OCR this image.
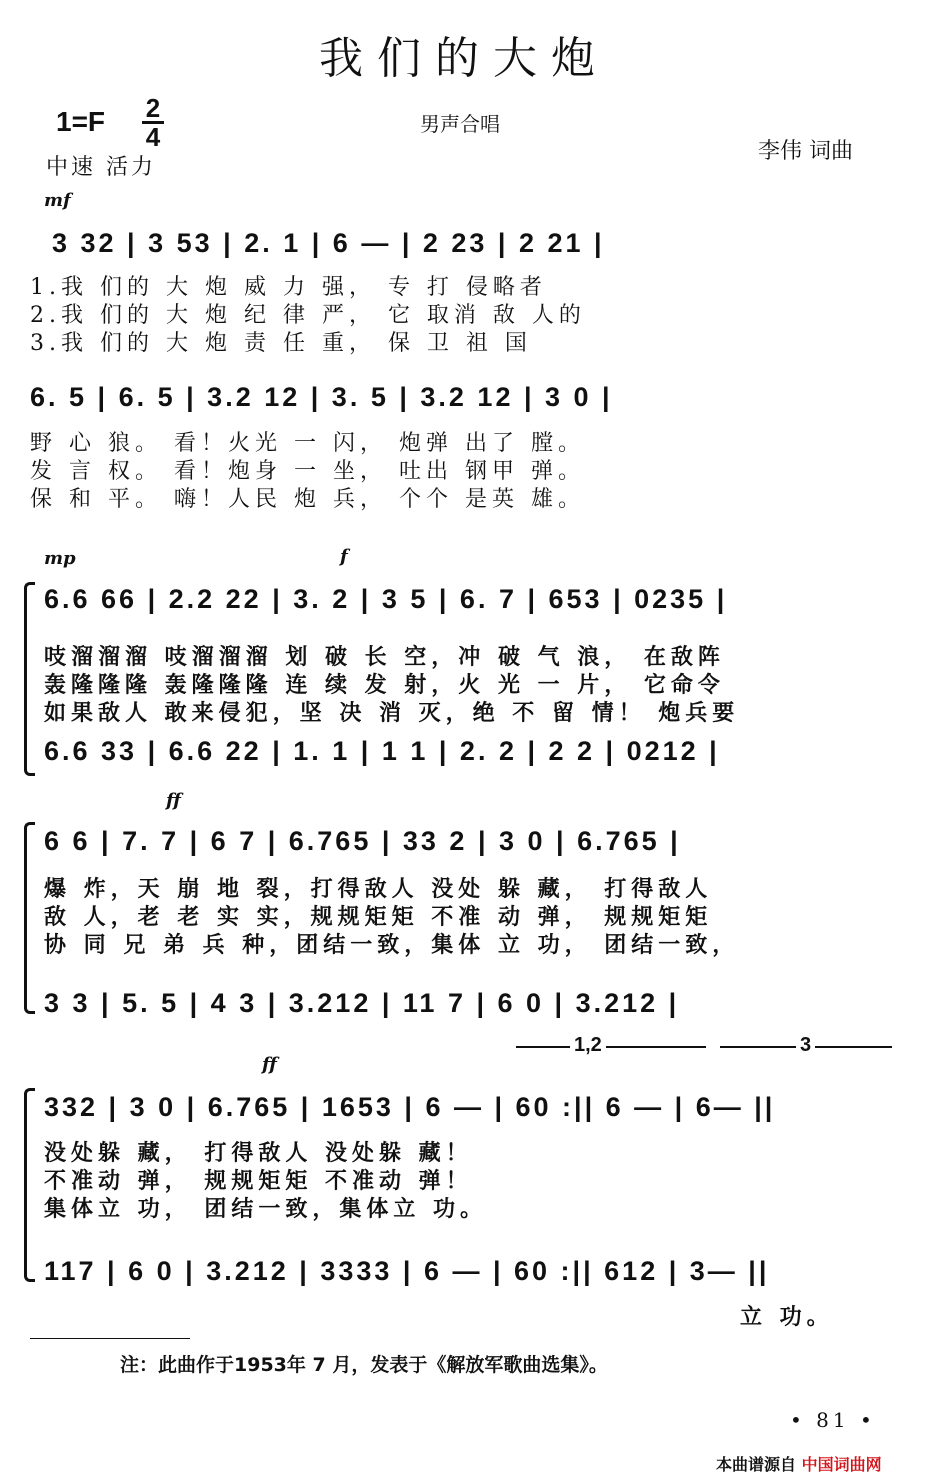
我们的大炮
1=F 2
4
中速 活力
男声合唱
李伟 词曲
mf
3 32 | 3 53 | 2. 1 | 6 — | 2 23 | 2 21 |
1.我 们的 大 炮 威 力 强， 专 打 侵略者
2.我 们的 大 炮 纪 律 严， 它 取消 敌 人的
3.我 们的 大 炮 责 任 重， 保 卫 祖 国
6. 5 | 6. 5 | 3.2 12 | 3. 5 | 3.2 12 | 3 0 |
野 心 狼。 看！火光 一 闪， 炮弹 出了 膛。
发 言 权。 看！炮身 一 坐， 吐出 钢甲 弹。
保 和 平。 嗨！人民 炮 兵， 个个 是英 雄。
mp	f
6.6 66 | 2.2 22 | 3. 2 | 3 5 | 6. 7 | 653 | 0235 |
吱溜溜溜 吱溜溜溜 划 破 长 空，冲 破 气 浪， 在敌阵
轰隆隆隆 轰隆隆隆 连 续 发 射，火 光 一 片， 它命令
如果敌人 敢来侵犯，坚 决 消 灭，绝 不 留 情！ 炮兵要
6.6 33 | 6.6 22 | 1. 1 | 1 1 | 2. 2 | 2 2 | 0212 |
ff
6 6 | 7. 7 | 6 7 | 6.765 | 33 2 | 3 0 | 6.765 |
爆 炸，天 崩 地 裂，打得敌人 没处 躲 藏， 打得敌人
敌 人，老 老 实 实，规规矩矩 不准 动 弹， 规规矩矩
协 同 兄 弟 兵 种，团结一致，集体 立 功， 团结一致，
3 3 | 5. 5 | 4 3 | 3.212 | 11 7 | 6 0 | 3.212 |
1,2	3
ff
332 | 3 0 | 6.765 | 1653 | 6 — | 60 :|| 6 — | 6— ||
没处躲 藏， 打得敌人 没处躲 藏！
不准动 弹， 规规矩矩 不准动 弹！
集体立 功， 团结一致，集体立 功。
117 | 6 0 | 3.212 | 3333 | 6 — | 60 :|| 612 | 3— ||
立 功。
注：此曲作于1953年 7 月，发表于《解放军歌曲选集》。
• 81 •
本曲谱源自 中国词曲网
